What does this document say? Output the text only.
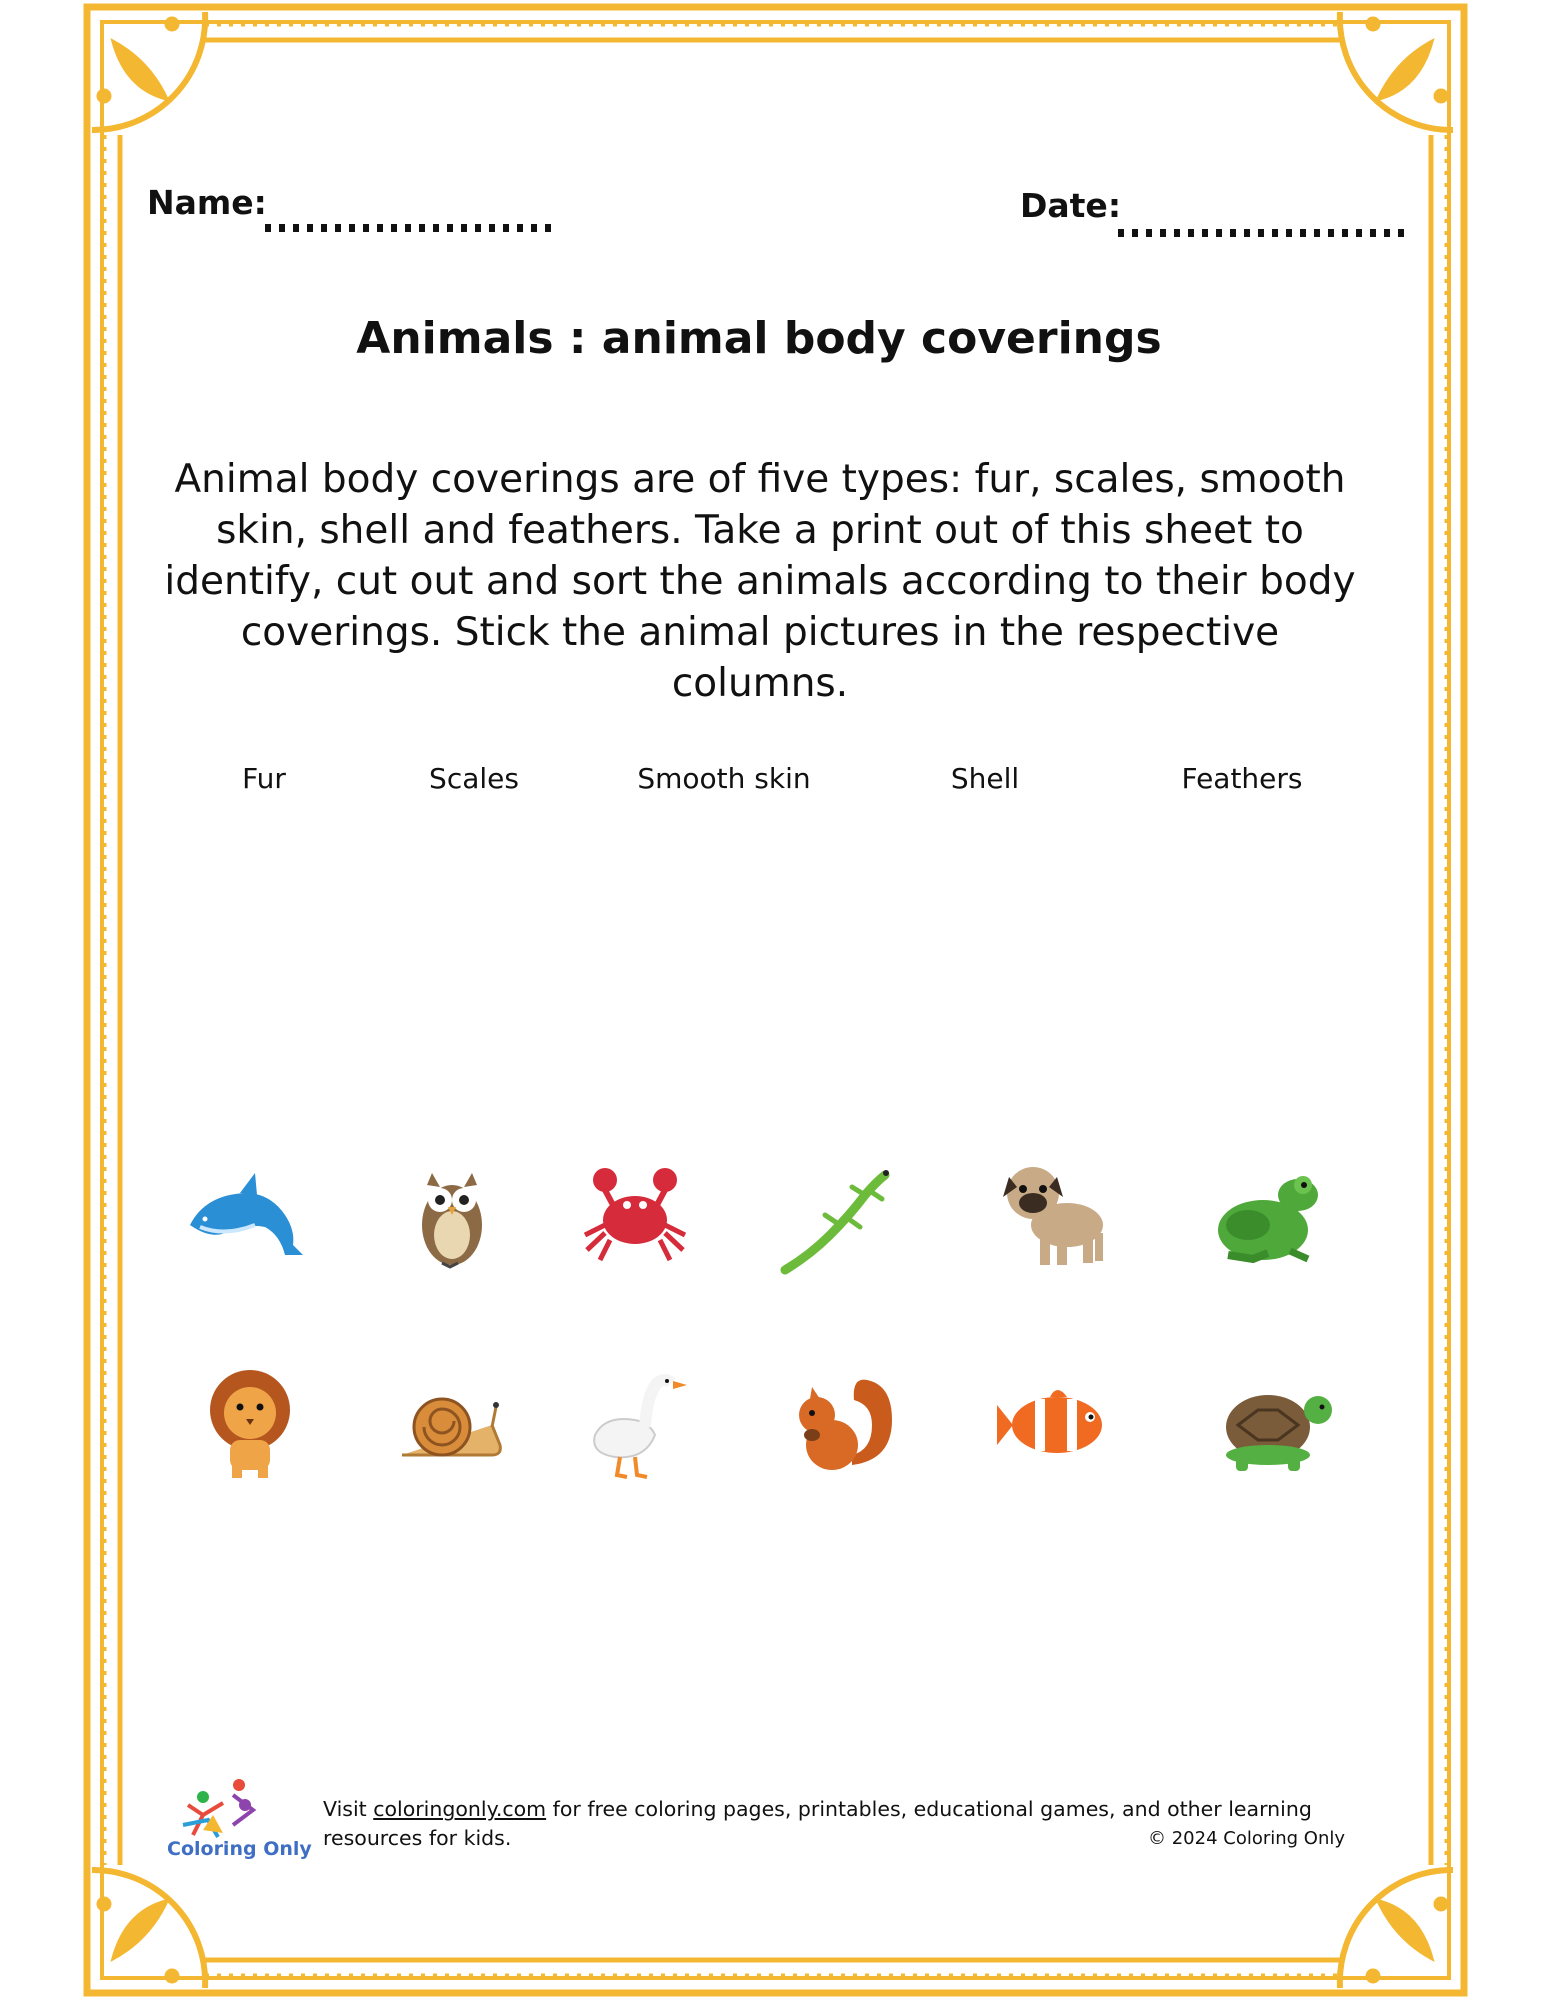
Name:	Date:
Animals : animal body coverings
Animal body coverings are of five types: fur, scales, smooth skin, shell and feathers. Take a print out of this sheet to identify, cut out and sort the animals according to their body coverings. Stick the animal pictures in the respective columns.
Fur	Scales	Smooth skin	Shell	Feathers
Coloring Only
Visit coloringonly.com for free coloring pages, printables, educational games, and other learning resources for kids.	© 2024 Coloring Only
